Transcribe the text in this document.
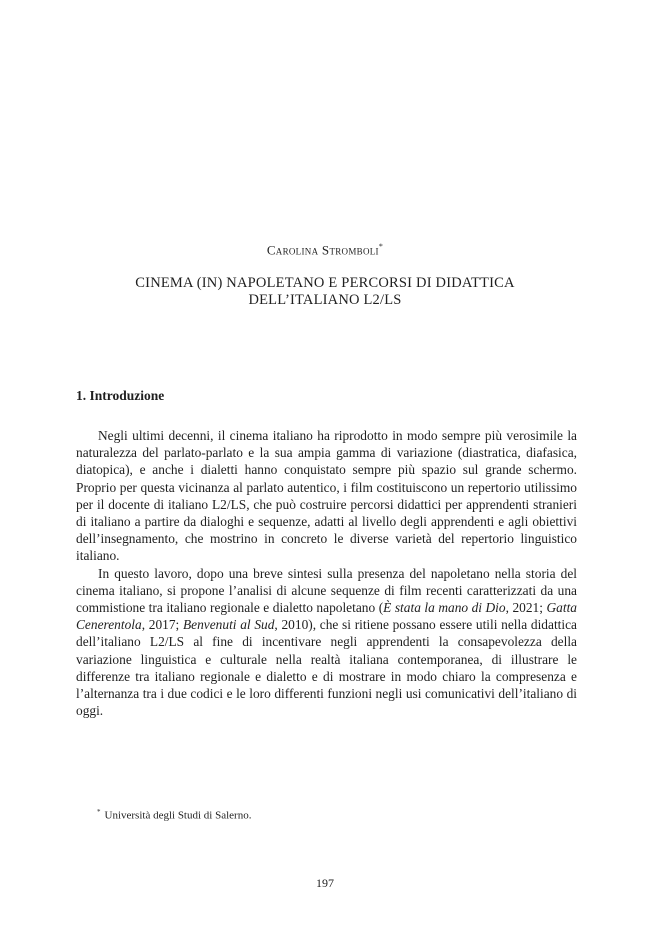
Carolina Stromboli*
CINEMA (IN) NAPOLETANO E PERCORSI DI DIDATTICA
DELL’ITALIANO L2/LS
1. Introduzione

Negli ultimi decenni, il cinema italiano ha riprodotto in modo sempre più verosimile la naturalezza del parlato-parlato e la sua ampia gamma di variazione (diastratica, diafasica, diatopica), e anche i dialetti hanno conquistato sempre più spazio sul grande schermo. Proprio per questa vicinanza al parlato autentico, i film costituiscono un repertorio utilissimo per il docente di italiano L2/LS, che può costruire percorsi didattici per apprendenti stranieri di italiano a partire da dialoghi e sequenze, adatti al livello degli apprendenti e agli obiettivi dell’insegnamento, che mostrino in concreto le diverse varietà del repertorio linguistico italiano.

In questo lavoro, dopo una breve sintesi sulla presenza del napoletano nella storia del cinema italiano, si propone l’analisi di alcune sequenze di film recenti caratterizzati da una commistione tra italiano regionale e dialetto napoletano (È stata la mano di Dio, 2021; Gatta Cenerentola, 2017; Benvenuti al Sud, 2010), che si ritiene possano essere utili nella didattica dell’italiano L2/LS al fine di incentivare negli apprendenti la consapevolezza della variazione linguistica e culturale nella realtà italiana contemporanea, di illustrare le differenze tra italiano regionale e dialetto e di mostrare in modo chiaro la compresenza e l’alternanza tra i due codici e le loro differenti funzioni negli usi comunicativi dell’italiano di oggi.

* Università degli Studi di Salerno.
197
